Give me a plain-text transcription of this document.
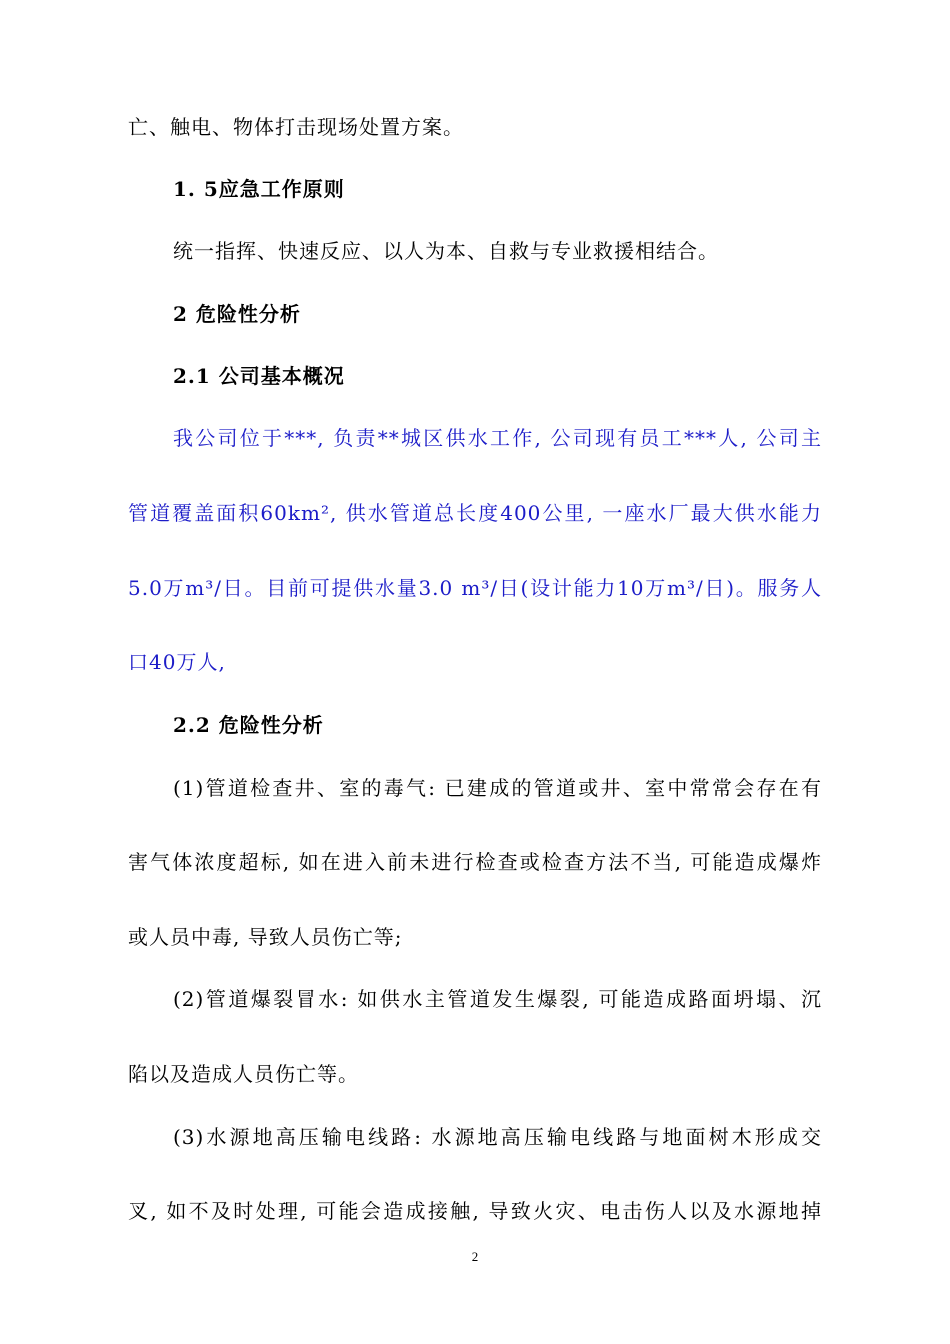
亡、触电、物体打击现场处置方案。
1. 5应急工作原则
统一指挥、快速反应、以人为本、自救与专业救援相结合。
2 危险性分析
2.1 公司基本概况
我公司位于***, 负责**城区供水工作, 公司现有员工***人, 公司主
管道覆盖面积60km², 供水管道总长度400公里, 一座水厂最大供水能力
5.0万m³/日。目前可提供水量3.0 m³/日(设计能力10万m³/日)。服务人
口40万人,
2.2 危险性分析
(1)管道检查井、室的毒气: 已建成的管道或井、室中常常会存在有
害气体浓度超标, 如在进入前未进行检查或检查方法不当, 可能造成爆炸
或人员中毒, 导致人员伤亡等;
(2)管道爆裂冒水: 如供水主管道发生爆裂, 可能造成路面坍塌、沉
陷以及造成人员伤亡等。
(3)水源地高压输电线路: 水源地高压输电线路与地面树木形成交
叉, 如不及时处理, 可能会造成接触, 导致火灾、电击伤人以及水源地掉
2
